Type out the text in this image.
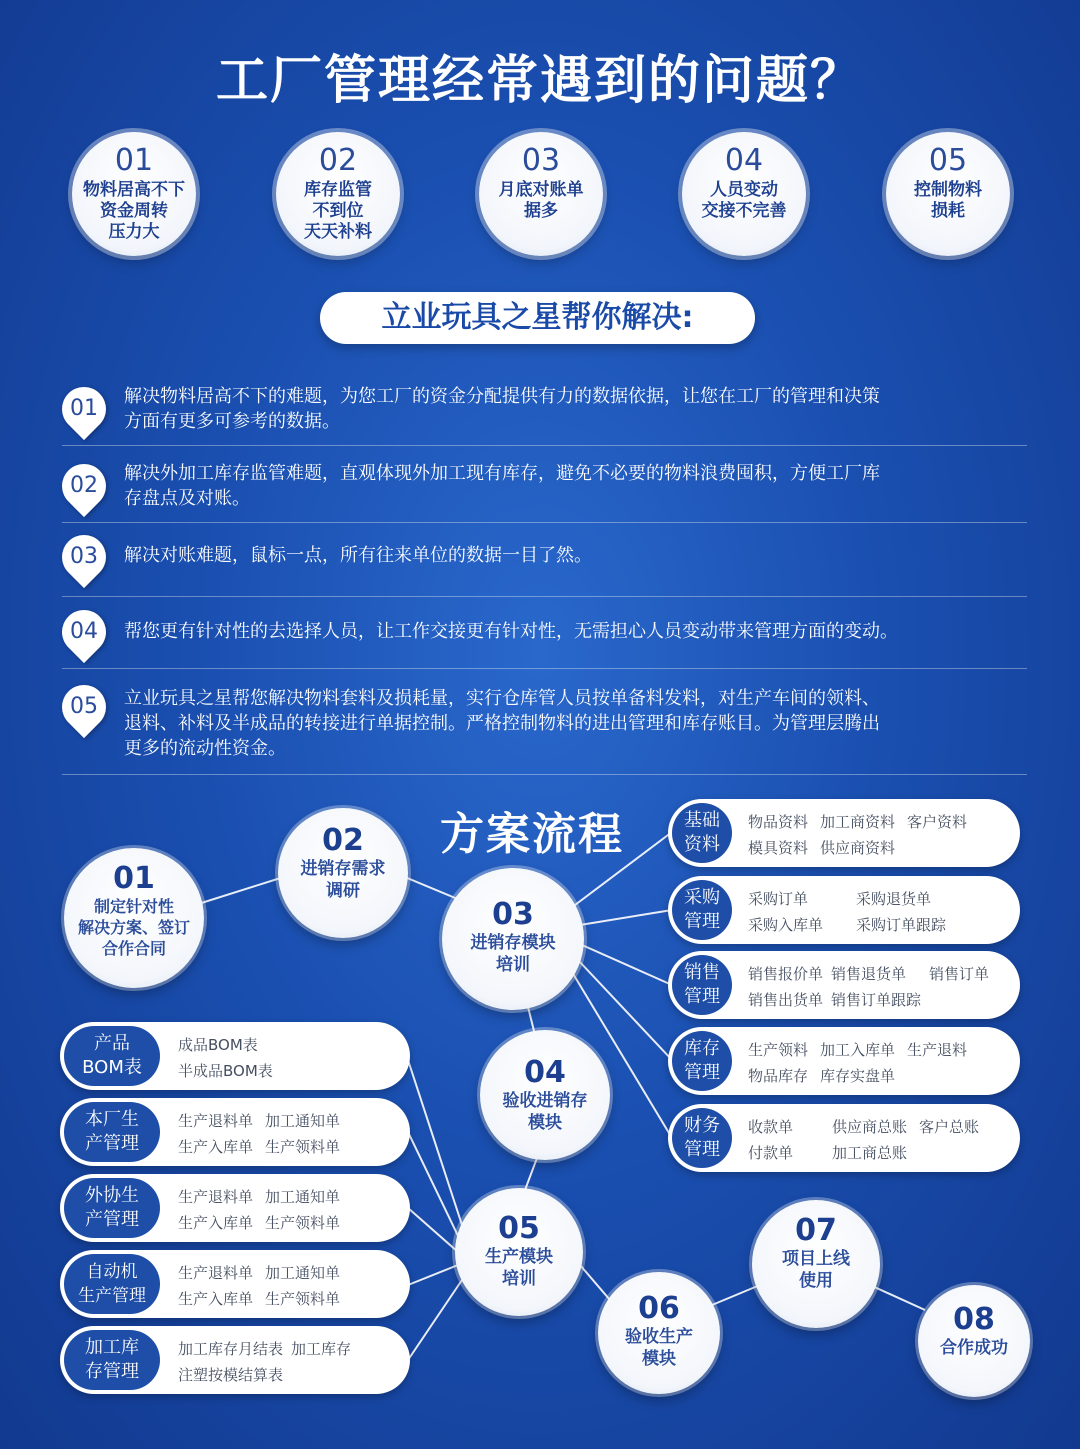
工厂管理经常遇到的问题？
01
物料居高不下
资金周转
压力大
02
库存监管
不到位
天天补料
03
月底对账单
据多
04
人员变动
交接不完善
05
控制物料
损耗
立业玩具之星帮你解决:
01	解决物料居高不下的难题，为您工厂的资金分配提供有力的数据依据，让您在工厂的管理和决策
方面有更多可参考的数据。
02	解决外加工库存监管难题，直观体现外加工现有库存，避免不必要的物料浪费囤积，方便工厂库
存盘点及对账。
03	解决对账难题，鼠标一点，所有往来单位的数据一目了然。
04	帮您更有针对性的去选择人员，让工作交接更有针对性，无需担心人员变动带来管理方面的变动。
05	立业玩具之星帮您解决物料套料及损耗量，实行仓库管人员按单备料发料，对生产车间的领料、
退料、补料及半成品的转接进行单据控制。严格控制物料的进出管理和库存账目。为管理层腾出
更多的流动性资金。
方案流程
01
制定针对性
解决方案、签订
合作合同
02
进销存需求
调研
03
进销存模块
培训
04
验收进销存
模块
05
生产模块
培训
06
验收生产
模块
07
项目上线
使用
08
合作成功
基础
资料
物品资料 加工商资料 客户资料
模具资料 供应商资料
采购
管理
采购订单	采购退货单
采购入库单	采购订单跟踪
销售
管理
销售报价单 销售退货单	销售订单
销售出货单 销售订单跟踪
库存
管理
生产领料 加工入库单 生产退料
物品库存 库存实盘单
财务
管理
收款单	供应商总账 客户总账
付款单	加工商总账
产品
BOM表
成品BOM表
半成品BOM表
本厂生
产管理
生产退料单 加工通知单
生产入库单 生产领料单
外协生
产管理
生产退料单 加工通知单
生产入库单 生产领料单
自动机
生产管理
生产退料单 加工通知单
生产入库单 生产领料单
加工库
存管理
加工库存月结表 加工库存
注塑按模结算表
